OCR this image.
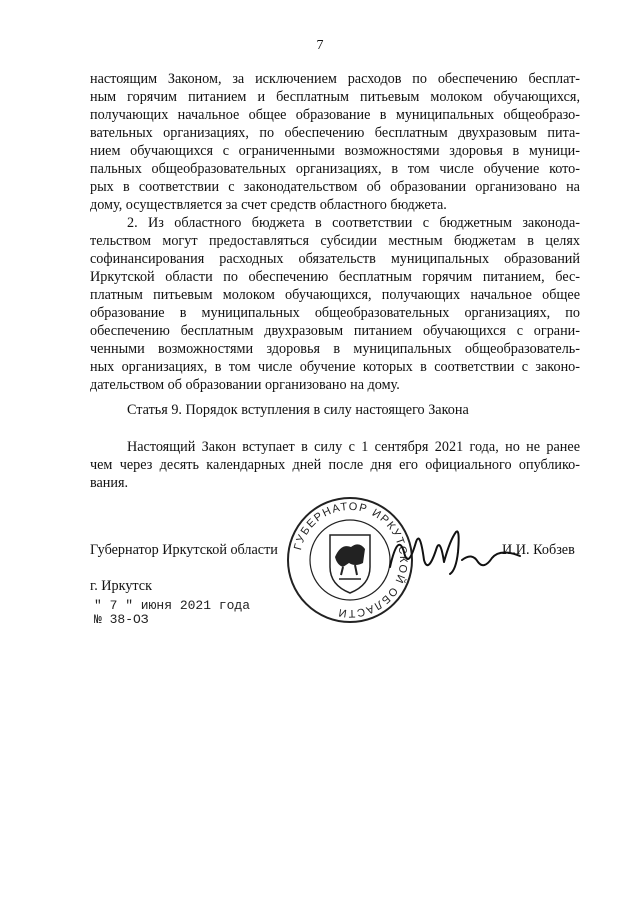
7
настоящим Законом, за исключением расходов по обеспечению бесплат-
ным горячим питанием и бесплатным питьевым молоком обучающихся,
получающих начальное общее образование в муниципальных общеобразо-
вательных организациях, по обеспечению бесплатным двухразовым пита-
нием обучающихся с ограниченными возможностями здоровья в муници-
пальных общеобразовательных организациях, в том числе обучение кото-
рых в соответствии с законодательством об образовании организовано на
дому, осуществляется за счет средств областного бюджета.
2. Из областного бюджета в соответствии с бюджетным законода-
тельством могут предоставляться субсидии местным бюджетам в целях
софинансирования расходных обязательств муниципальных образований
Иркутской области по обеспечению бесплатным горячим питанием, бес-
платным питьевым молоком обучающихся, получающих начальное общее
образование в муниципальных общеобразовательных организациях, по
обеспечению бесплатным двухразовым питанием обучающихся с ограни-
ченными возможностями здоровья в муниципальных общеобразователь-
ных организациях, в том числе обучение которых в соответствии с законо-
дательством об образовании организовано на дому.
Статья 9. Порядок вступления в силу настоящего Закона
Настоящий Закон вступает в силу с 1 сентября 2021 года, но не ранее
чем через десять календарных дней после дня его официального опублико-
вания.
Губернатор Иркутской области	И.И. Кобзев
ГУБЕРНАТОР ИРКУТСКОЙ ОБЛАСТИ
г. Иркутск
" 7 " июня 2021 года
№ 38-ОЗ
